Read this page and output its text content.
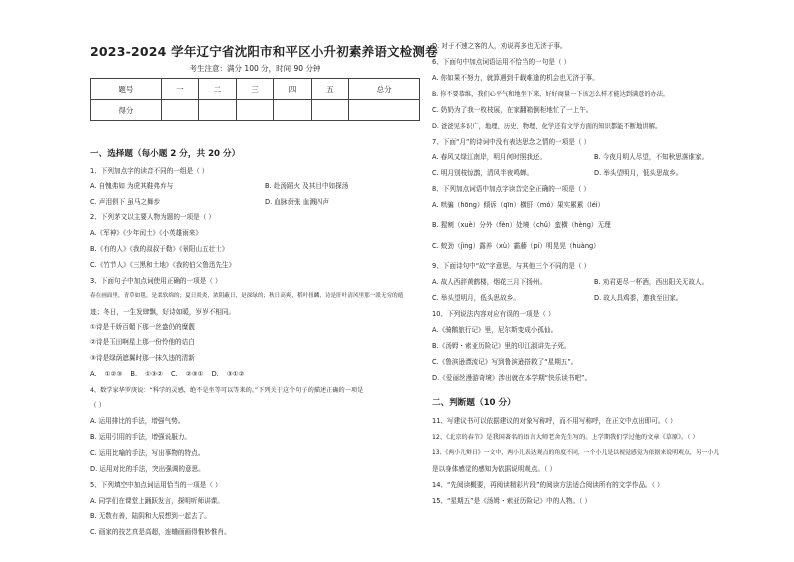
2023-2024 学年辽宁省沈阳市和平区小升初素养语文检测卷
考生注意：满分 100 分，时间 90 分钟
题号	一	二	三	四	五	总分
得分						
一、选择题（每小题 2 分，共 20 分）
1、下列加点字的读音不同的一组是（ ）
A. 自愧弗如 为虎其鞋弗弃与
C. 声泪俱下 虽马之舞步
B. 赴汤蹈火 及其目中如探汤
D. 血脉贲张 血溅四声
2、下列茅文以主要人物为题的一项是（ ）
A.《军神》《少年闰土》《小英雄雨来》
B.《有的人》《我的叔叔于勒》《景阳山五壮士》
C.《竹节人》《三黑和土地》《我的伯父鲁迅先生》
3、下面句子中加点词使用正确的一项是（ ）
春在画面里，青草如毯，是柔软绵的；夏日炎炎，浓阴蔽日，是深绿的；秋日高爽，稻叶扭麟，诗是肝叶清风里那一派无穷的遁
迹；冬日，一生发肆飘，好诗如暖，岁岁不相同。
①诗是千娇百媚下那一丝盎仍的糜靓
②诗是玉田啊星上那一份怜他的诘白
③诗是绿荫遮翼时那一抹久违的清新
A. ①②③ B. ①③② C. ②③① D. ③①②
4、数学家华罗庚说：“科学的灵感，绝不是坐等可以等来的。”下列关于这个句子的描述正确的一项是
（ ）
A. 运用排比的手法，增强气势。
B. 运用引用的手法，增强说服力。
C. 运用比喻的手法，写出事物的特点。
D. 运用对比的手法，突出强调的意思。
5、下列填空中加点词运用恰当的一项是（ ）
A. 同学们在课堂上踊跃发言，探明听师讲课。
B. 无数有善，陆阴和大辰想到一起去了。
C. 画家的技艺真是高超，连蛐画画得惟妙惟肖。
D. 对于不速之客的人，劝说再多也无济于事。
6、下面句中加点词语运用不恰当的一句是（ ）
A. 你如果不努力，就算遇到千载难逢的机会也无济于事。
B. 你不要恭维，我们心平气和地坐下来，好好商量一下该怎么样才能达到满意的办法。
C. 奶奶为了我一枚枝展，在家翻箱倒柜地忙了一上午。
D. 爸爸见多识广，地理、历史、物理、化学还有文学方面的知识都能不断地讲解。
7、下面“月”的诗词中没有表达思念之情的一项是（ ）
A. 春风又绿江南岸，明月何时照我还。	B. 今夜月明人尽望，不知秋思落谁家。
C. 明月别枝惊鹊，清风半夜鸣蝉。	D. 举头望明月，低头思故乡。
8、下列加点词语中加点字读音完全正确的一项是（ ）
A. 哄骗（hōng）倾诉（qīn）横肝（mó）果实累累（léi）
B. 猩剜（xuè）分外（fèn）处境（chǔ）蛮横（hèng）无理
C. 蛟劲（jìng）露养（xù）霸藤（pí）明晃晃（huàng）
9、下面诗句中“故”字意思，与其他三个不同的是（ ）
A. 故人西辞黄鹤楼，烟花三月下扬州。	B. 劝君更尽一杯酒，西出阳关无故人。
C. 举头望明月，低头思故乡。	D. 故人具鸡黍，邀我至田家。
10、下列说法内容对应有误的一项是（ ）
A.《骑鹅旅行记》里，尼尔斯变成小孤仙。
B.《汤姆・索亚历险记》里的印江淑讲先子死。
C.《鲁滨逊漂流记》写到鲁滨逊搭救了“星期五”。
D.《爱丽丝漫游奇境》涉出就在本学期“快乐读书吧”。
二、判断题（10 分）
11、写建议书可以依据建议的对象写称呼，而不用写称呼，在正文中点出即可。（ ）
12、《北京的春节》是我国著名的语言大师老舍先生写的。上学期我们学过他的文章《草原》。（ ）
13、《两小儿辩日》一文中，两小儿表达观点的角度不同，一个小儿是以视觉感觉为依据来说明观点，另一小儿
是以身体感觉的感知为依据说明观点。（ ）
14、“先阅读概要，再阅读精彩片段”的阅读方法适合阅读所有的文学作品。（ ）
15、“星期五”是《汤姆・索亚历险记》中的人物。（ ）
